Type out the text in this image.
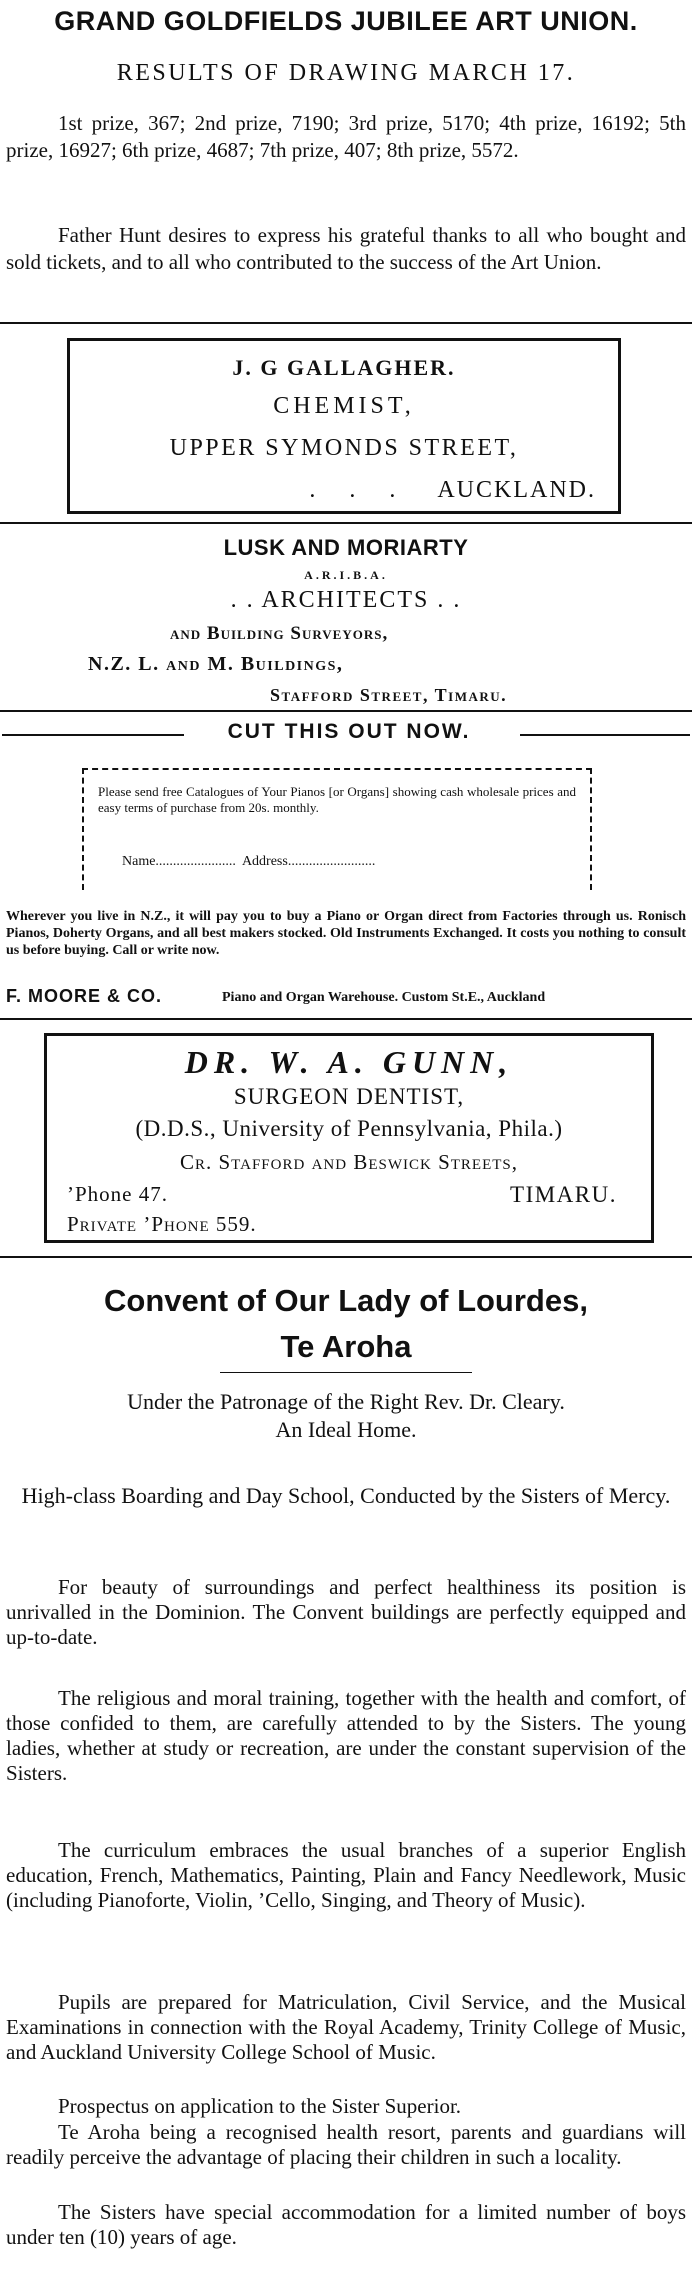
GRAND GOLDFIELDS JUBILEE ART UNION.
RESULTS OF DRAWING MARCH 17.
1st prize, 367; 2nd prize, 7190; 3rd prize, 5170; 4th prize, 16192; 5th prize, 16927; 6th prize, 4687; 7th prize, 407; 8th prize, 5572.
Father Hunt desires to express his grateful thanks to all who bought and sold tickets, and to all who contributed to the success of the Art Union.
J. G GALLAGHER.
CHEMIST,
UPPER SYMONDS STREET,
. . . AUCKLAND.
LUSK AND MORIARTY
A.R.I.B.A.
. . ARCHITECTS . .
and Building Surveyors,
N.Z. L. and M. Buildings,
Stafford Street, Timaru.
CUT THIS OUT NOW.
Please send free Catalogues of Your Pianos [or Organs] showing cash wholesale prices and easy terms of purchase from 20s. monthly.
Name....................... Address.........................
Wherever you live in N.Z., it will pay you to buy a Piano or Organ direct from Factories through us. Ronisch Pianos, Doherty Organs, and all best makers stocked. Old Instruments Exchanged. It costs you nothing to consult us before buying. Call or write now.
F. MOORE & CO.	Piano and Organ Warehouse. Custom St.E., Auckland
DR. W. A. GUNN,
SURGEON DENTIST,
(D.D.S., University of Pennsylvania, Phila.)
Cr. Stafford and Beswick Streets,
’Phone 47.	TIMARU.
Private ’Phone 559.
Convent of Our Lady of Lourdes,
Te Aroha
Under the Patronage of the Right Rev. Dr. Cleary.
An Ideal Home.
High-class Boarding and Day School, Conducted by the Sisters of Mercy.
For beauty of surroundings and perfect healthiness its position is unrivalled in the Dominion. The Convent buildings are perfectly equipped and up-to-date.
The religious and moral training, together with the health and comfort, of those confided to them, are carefully attended to by the Sisters. The young ladies, whether at study or recreation, are under the constant supervision of the Sisters.
The curriculum embraces the usual branches of a superior English education, French, Mathematics, Painting, Plain and Fancy Needlework, Music (including Pianoforte, Violin, ’Cello, Singing, and Theory of Music).
Pupils are prepared for Matriculation, Civil Service, and the Musical Examinations in connection with the Royal Academy, Trinity College of Music, and Auckland University College School of Music.
Prospectus on application to the Sister Superior.
Te Aroha being a recognised health resort, parents and guardians will readily perceive the advantage of placing their children in such a locality.
The Sisters have special accommodation for a limited number of boys under ten (10) years of age.
